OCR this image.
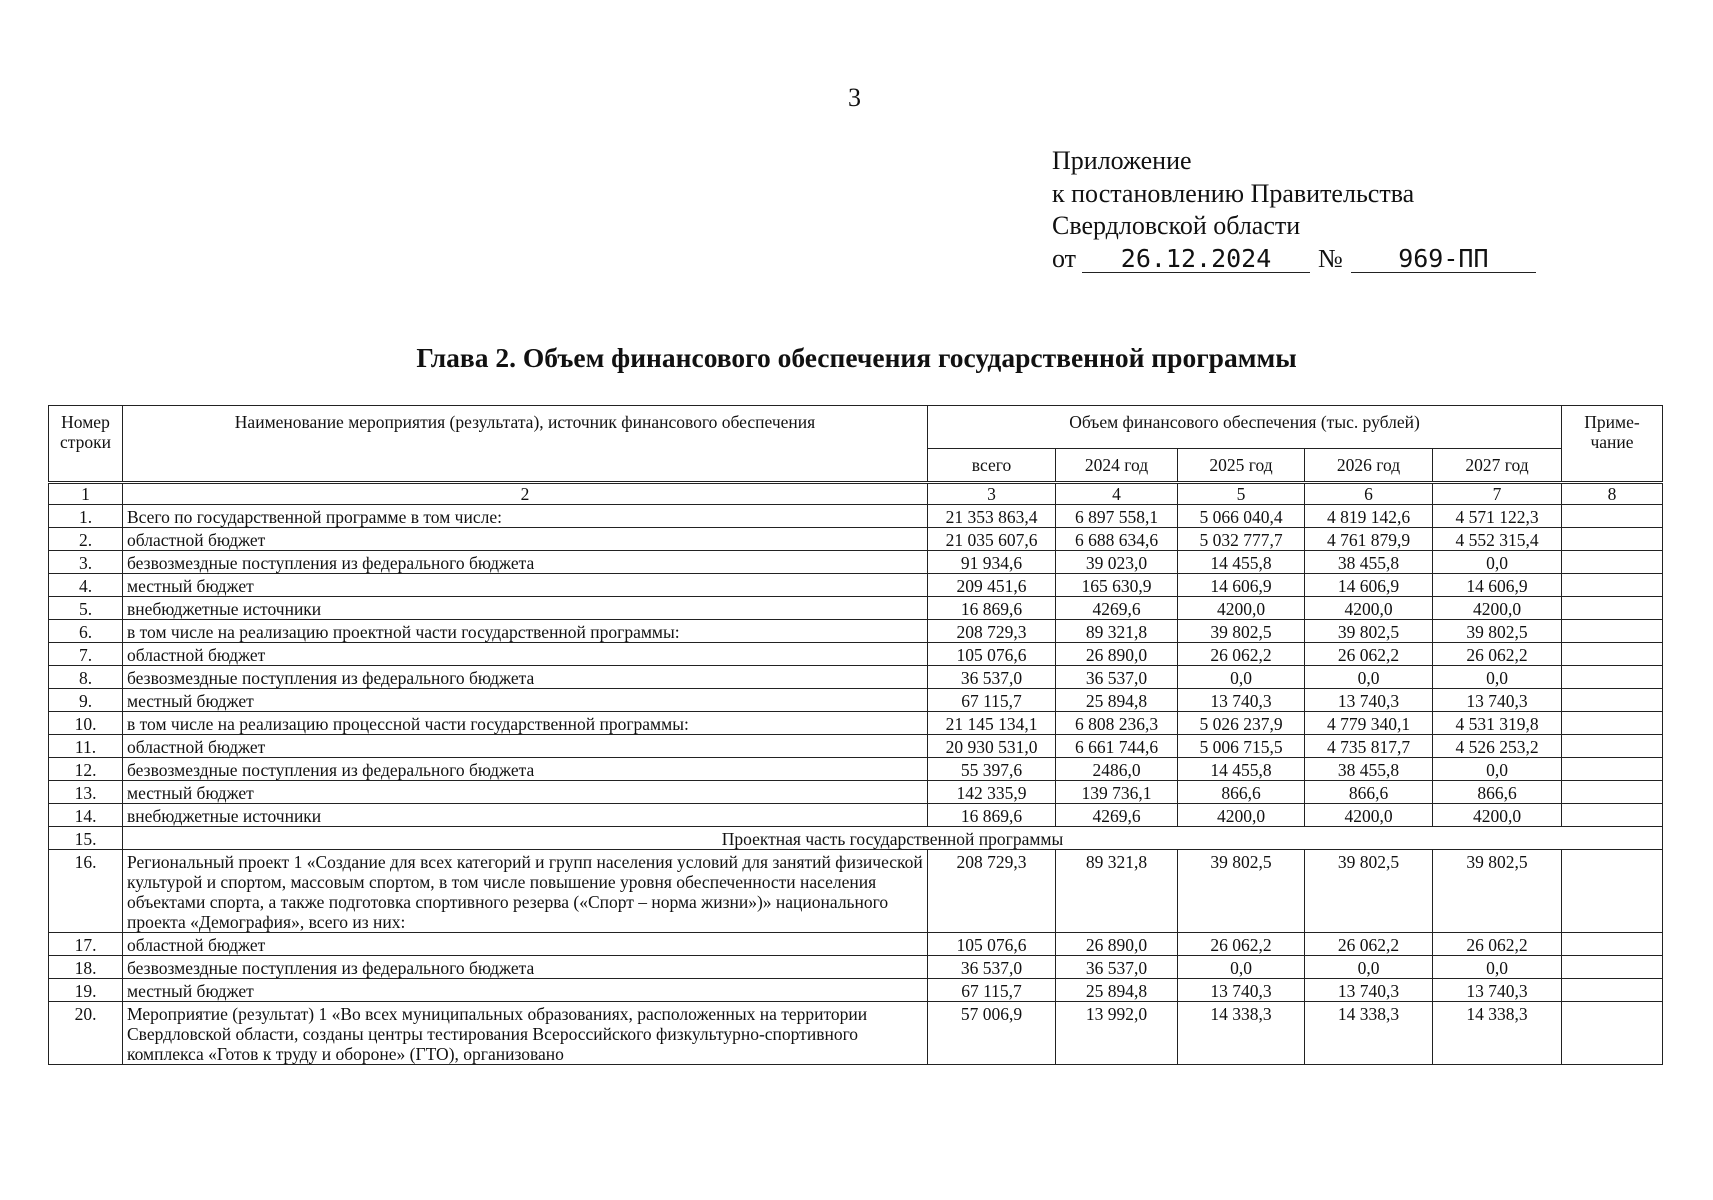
3
Приложение
к постановлению Правительства
Свердловской области
от 26.12.2024 № 969-ПП
Глава 2. Объем финансового обеспечения государственной программы
Номер строки	Наименование мероприятия (результата), источник финансового обеспечения	Объем финансового обеспечения (тыс. рублей)					Приме-чание
		всего	2024 год	2025 год	2026 год	2027 год	
1	2	3	4	5	6	7	8
1.	Всего по государственной программе в том числе:	21 353 863,4	6 897 558,1	5 066 040,4	4 819 142,6	4 571 122,3	
2.	областной бюджет	21 035 607,6	6 688 634,6	5 032 777,7	4 761 879,9	4 552 315,4	
3.	безвозмездные поступления из федерального бюджета	91 934,6	39 023,0	14 455,8	38 455,8	0,0	
4.	местный бюджет	209 451,6	165 630,9	14 606,9	14 606,9	14 606,9	
5.	внебюджетные источники	16 869,6	4269,6	4200,0	4200,0	4200,0	
6.	в том числе на реализацию проектной части государственной программы:	208 729,3	89 321,8	39 802,5	39 802,5	39 802,5	
7.	областной бюджет	105 076,6	26 890,0	26 062,2	26 062,2	26 062,2	
8.	безвозмездные поступления из федерального бюджета	36 537,0	36 537,0	0,0	0,0	0,0	
9.	местный бюджет	67 115,7	25 894,8	13 740,3	13 740,3	13 740,3	
10.	в том числе на реализацию процессной части государственной программы:	21 145 134,1	6 808 236,3	5 026 237,9	4 779 340,1	4 531 319,8	
11.	областной бюджет	20 930 531,0	6 661 744,6	5 006 715,5	4 735 817,7	4 526 253,2	
12.	безвозмездные поступления из федерального бюджета	55 397,6	2486,0	14 455,8	38 455,8	0,0	
13.	местный бюджет	142 335,9	139 736,1	866,6	866,6	866,6	
14.	внебюджетные источники	16 869,6	4269,6	4200,0	4200,0	4200,0	
15.	Проектная часть государственной программы						
16.	Региональный проект 1 «Создание для всех категорий и групп населения условий для занятий физической культурой и спортом, массовым спортом, в том числе повышение уровня обеспеченности населения объектами спорта, а также подготовка спортивного резерва («Спорт – норма жизни»)» национального проекта «Демография», всего из них:	208 729,3	89 321,8	39 802,5	39 802,5	39 802,5	
17.	областной бюджет	105 076,6	26 890,0	26 062,2	26 062,2	26 062,2	
18.	безвозмездные поступления из федерального бюджета	36 537,0	36 537,0	0,0	0,0	0,0	
19.	местный бюджет	67 115,7	25 894,8	13 740,3	13 740,3	13 740,3	
20.	Мероприятие (результат) 1 «Во всех муниципальных образованиях, расположенных на территории Свердловской области, созданы центры тестирования Всероссийского физкультурно-спортивного комплекса «Готов к труду и обороне» (ГТО), организовано	57 006,9	13 992,0	14 338,3	14 338,3	14 338,3	
